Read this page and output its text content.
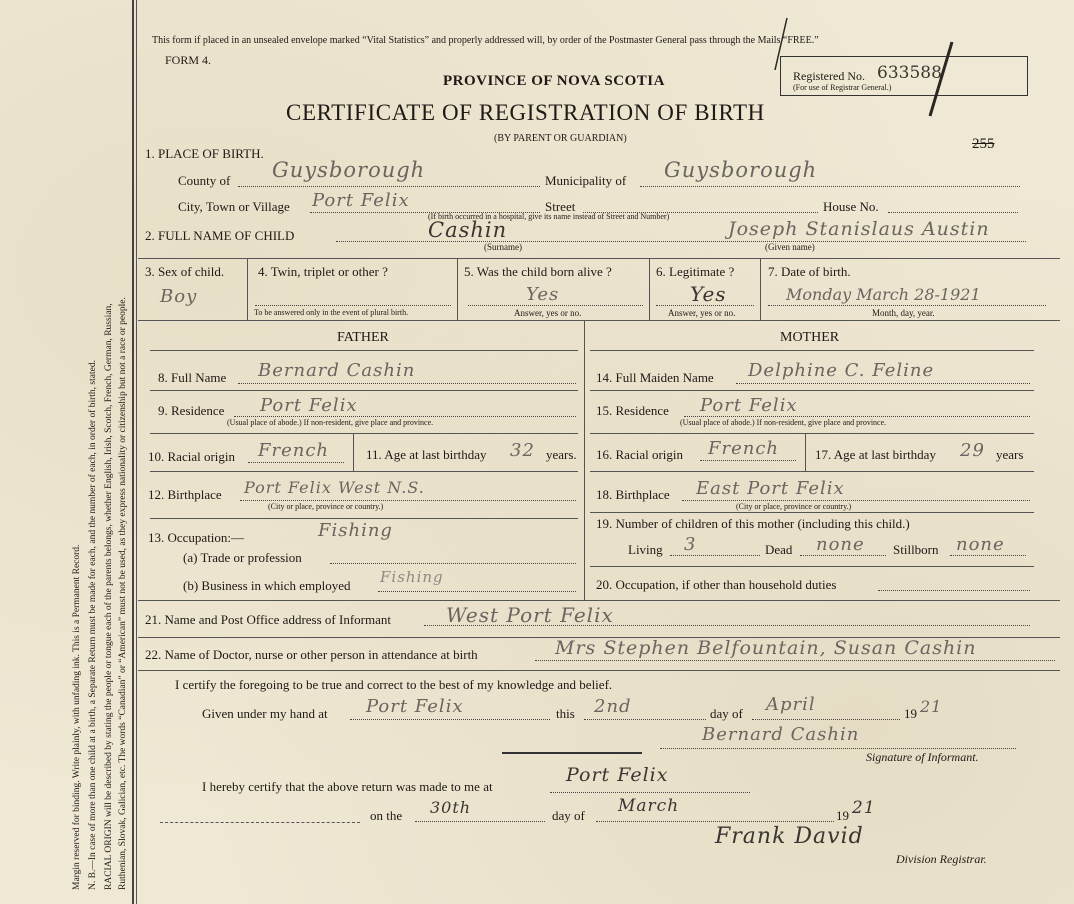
Margin reserved for binding. Write plainly, with unfading ink. This is a Permanent Record. N. B.—In case of more than one child at a birth, a Separate Return must be made for each, and the number of each, in order of birth, stated. RACIAL ORIGIN will be described by stating the people or tongue each of the parents belongs, whether English, Irish, Scotch, French, German, Russian, Ruthenian, Slovak, Galician, etc. The words “Canadian” or “American” must not be used, as they express nationality or citizenship but not a race or people.
This form if placed in an unsealed envelope marked “Vital Statistics” and properly addressed will, by order of the Postmaster General pass through the Mails “FREE.”
FORM 4.
PROVINCE OF NOVA SCOTIA
CERTIFICATE OF REGISTRATION OF BIRTH
(BY PARENT OR GUARDIAN)
Registered No. 633588
(For use of Registrar General.)
255
1. PLACE OF BIRTH.
County of Guysborough	Municipality of Guysborough
City, Town or Village Port Felix	Street	House No.
(If birth occurred in a hospital, give its name instead of Street and Number)
2. FULL NAME OF CHILD	Cashin
(Surname)
Joseph Stanislaus Austin
(Given name)
3. Sex of child.
Boy
4. Twin, triplet or other ?
To be answered only in the event of plural birth.
5. Was the child born alive ?
Yes
Answer, yes or no.
6. Legitimate ?
Yes
Answer, yes or no.
7. Date of birth.
Monday March 28-1921
Month, day, year.
FATHER
8. Full Name Bernard Cashin
9. Residence Port Felix
(Usual place of abode.) If non-resident, give place and province.
10. Racial origin French	11. Age at last birthday 32 years.
12. Birthplace Port Felix West N.S.
(City or place, province or country.)
13. Occupation:—	Fishing
(a) Trade or profession
(b) Business in which employed Fishing
MOTHER
14. Full Maiden Name Delphine C. Feline
15. Residence Port Felix
(Usual place of abode.) If non-resident, give place and province.
16. Racial origin French	17. Age at last birthday 29 years
18. Birthplace East Port Felix
(City or place, province or country.)
19. Number of children of this mother (including this child.)
Living 3	Dead none Stillborn none
20. Occupation, if other than household duties
21. Name and Post Office address of Informant	West Port Felix
22. Name of Doctor, nurse or other person in attendance at birth	Mrs Stephen Belfountain, Susan Cashin
I certify the foregoing to be true and correct to the best of my knowledge and belief.
Given under my hand at Port Felix	this 2nd	day of April	19 21
Bernard Cashin
Signature of Informant.
I hereby certify that the above return was made to me at
Port Felix
on the 30th	day of March	19 21
Frank David
Division Registrar.
